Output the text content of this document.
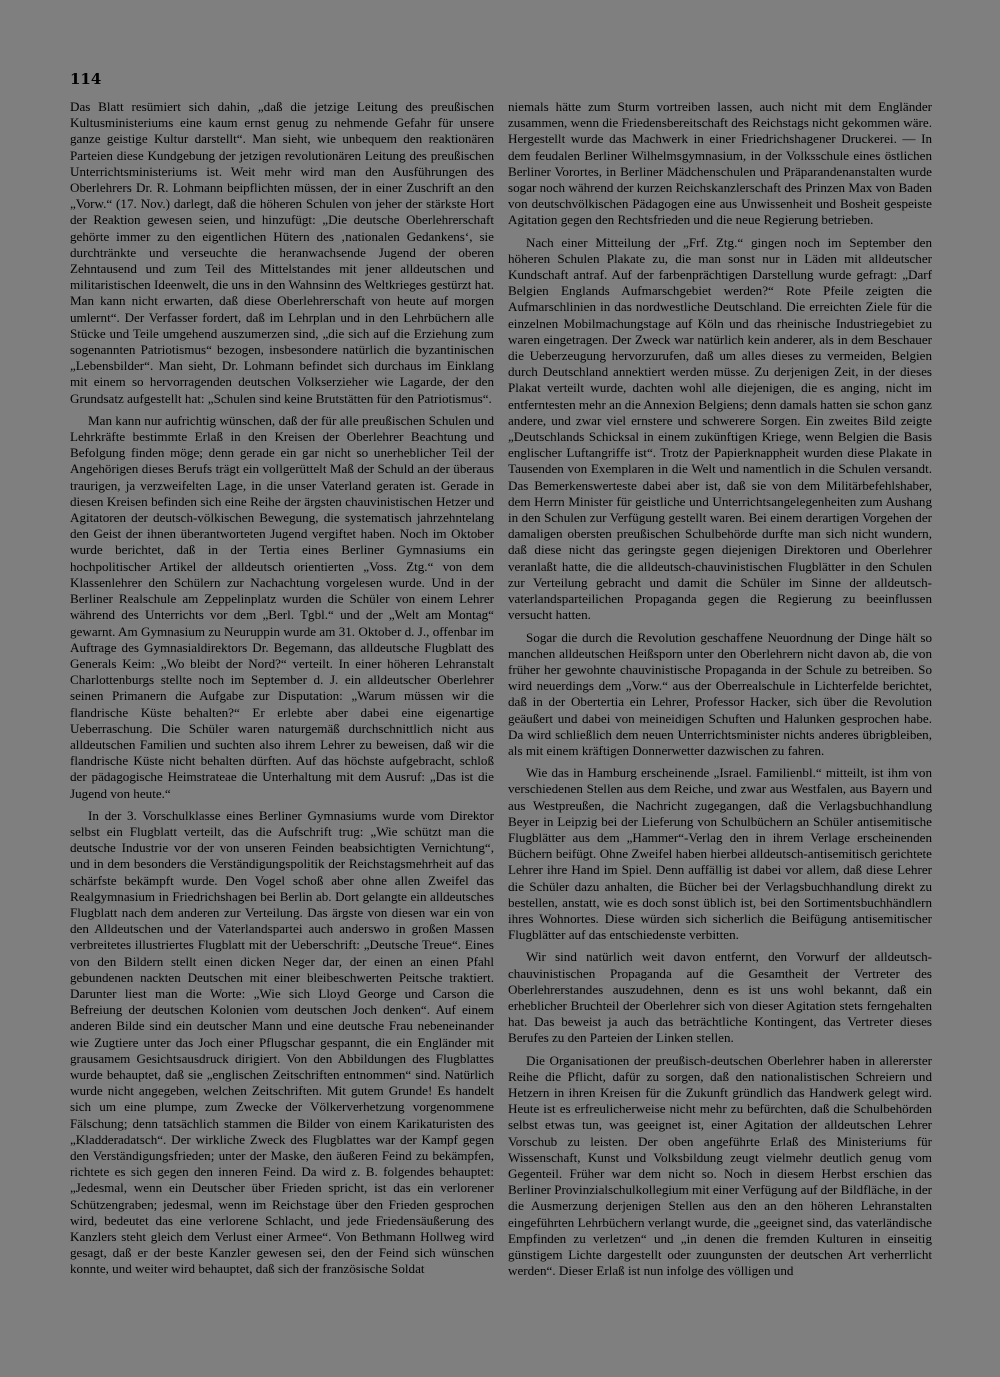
114

Das Blatt resümiert sich dahin, „daß die jetzige Leitung des preußischen Kultusministeriums eine kaum ernst genug zu nehmende Gefahr für unsere ganze geistige Kultur darstellt“. Man sieht, wie unbequem den reaktionären Parteien diese Kundgebung der jetzigen revolutionären Leitung des preußischen Unterrichtsministeriums ist. Weit mehr wird man den Ausführungen des Oberlehrers Dr. R. Lohmann beipflichten müssen, der in einer Zuschrift an den „Vorw.“ (17. Nov.) darlegt, daß die höheren Schulen von jeher der stärkste Hort der Reaktion gewesen seien, und hinzufügt: „Die deutsche Oberlehrerschaft gehörte immer zu den eigentlichen Hütern des ‚nationalen Gedankens‘, sie durchtränkte und verseuchte die heranwachsende Jugend der oberen Zehntausend und zum Teil des Mittelstandes mit jener alldeutschen und militaristischen Ideenwelt, die uns in den Wahnsinn des Weltkrieges gestürzt hat. Man kann nicht erwarten, daß diese Oberlehrerschaft von heute auf morgen umlernt“. Der Verfasser fordert, daß im Lehrplan und in den Lehrbüchern alle Stücke und Teile umgehend auszumerzen sind, „die sich auf die Erziehung zum sogenannten Patriotismus“ bezogen, insbesondere natürlich die byzantinischen „Lebensbilder“. Man sieht, Dr. Lohmann befindet sich durchaus im Einklang mit einem so hervorragenden deutschen Volkserzieher wie Lagarde, der den Grundsatz aufgestellt hat: „Schulen sind keine Brutstätten für den Patriotismus“.

Man kann nur aufrichtig wünschen, daß der für alle preußischen Schulen und Lehrkräfte bestimmte Erlaß in den Kreisen der Oberlehrer Beachtung und Befolgung finden möge; denn gerade ein gar nicht so unerheblicher Teil der Angehörigen dieses Berufs trägt ein vollgerüttelt Maß der Schuld an der überaus traurigen, ja verzweifelten Lage, in die unser Vaterland geraten ist. Gerade in diesen Kreisen befinden sich eine Reihe der ärgsten chauvinistischen Hetzer und Agitatoren der deutsch-völkischen Bewegung, die systematisch jahrzehntelang den Geist der ihnen überantworteten Jugend vergiftet haben. Noch im Oktober wurde berichtet, daß in der Tertia eines Berliner Gymnasiums ein hochpolitischer Artikel der alldeutsch orientierten „Voss. Ztg.“ von dem Klassenlehrer den Schülern zur Nachachtung vorgelesen wurde. Und in der Berliner Realschule am Zeppelinplatz wurden die Schüler von einem Lehrer während des Unterrichts vor dem „Berl. Tgbl.“ und der „Welt am Montag“ gewarnt. Am Gymnasium zu Neuruppin wurde am 31. Oktober d. J., offenbar im Auftrage des Gymnasialdirektors Dr. Begemann, das alldeutsche Flugblatt des Generals Keim: „Wo bleibt der Nord?“ verteilt. In einer höheren Lehranstalt Charlottenburgs stellte noch im September d. J. ein alldeutscher Oberlehrer seinen Primanern die Aufgabe zur Disputation: „Warum müssen wir die flandrische Küste behalten?“ Er erlebte aber dabei eine eigenartige Ueberraschung. Die Schüler waren naturgemäß durchschnittlich nicht aus alldeutschen Familien und suchten also ihrem Lehrer zu beweisen, daß wir die flandrische Küste nicht behalten dürften. Auf das höchste aufgebracht, schloß der pädagogische Heimstrateae die Unterhaltung mit dem Ausruf: „Das ist die Jugend von heute.“

In der 3. Vorschulklasse eines Berliner Gymnasiums wurde vom Direktor selbst ein Flugblatt verteilt, das die Aufschrift trug: „Wie schützt man die deutsche Industrie vor der von unseren Feinden beabsichtigten Vernichtung“, und in dem besonders die Verständigungspolitik der Reichstagsmehrheit auf das schärfste bekämpft wurde. Den Vogel schoß aber ohne allen Zweifel das Realgymnasium in Friedrichshagen bei Berlin ab. Dort gelangte ein alldeutsches Flugblatt nach dem anderen zur Verteilung. Das ärgste von diesen war ein von den Alldeutschen und der Vaterlandspartei auch anderswo in großen Massen verbreitetes illustriertes Flugblatt mit der Ueberschrift: „Deutsche Treue“. Eines von den Bildern stellt einen dicken Neger dar, der einen an einen Pfahl gebundenen nackten Deutschen mit einer bleibeschwerten Peitsche traktiert. Darunter liest man die Worte: „Wie sich Lloyd George und Carson die Befreiung der deutschen Kolonien vom deutschen Joch denken“. Auf einem anderen Bilde sind ein deutscher Mann und eine deutsche Frau nebeneinander wie Zugtiere unter das Joch einer Pflugschar gespannt, die ein Engländer mit grausamem Gesichtsausdruck dirigiert. Von den Abbildungen des Flugblattes wurde behauptet, daß sie „englischen Zeitschriften entnommen“ sind. Natürlich wurde nicht angegeben, welchen Zeitschriften. Mit gutem Grunde! Es handelt sich um eine plumpe, zum Zwecke der Völkerverhetzung vorgenommene Fälschung; denn tatsächlich stammen die Bilder von einem Karikaturisten des „Kladderadatsch“. Der wirkliche Zweck des Flugblattes war der Kampf gegen den Verständigungsfrieden; unter der Maske, den äußeren Feind zu bekämpfen, richtete es sich gegen den inneren Feind. Da wird z. B. folgendes behauptet: „Jedesmal, wenn ein Deutscher über Frieden spricht, ist das ein verlorener Schützengraben; jedesmal, wenn im Reichstage über den Frieden gesprochen wird, bedeutet das eine verlorene Schlacht, und jede Friedensäußerung des Kanzlers steht gleich dem Verlust einer Armee“. Von Bethmann Hollweg wird gesagt, daß er der beste Kanzler gewesen sei, den der Feind sich wünschen konnte, und weiter wird behauptet, daß sich der französische Soldat

niemals hätte zum Sturm vortreiben lassen, auch nicht mit dem Engländer zusammen, wenn die Friedensbereitschaft des Reichstags nicht gekommen wäre. Hergestellt wurde das Machwerk in einer Friedrichshagener Druckerei. — In dem feudalen Berliner Wilhelmsgymnasium, in der Volksschule eines östlichen Berliner Vorortes, in Berliner Mädchenschulen und Präparandenanstalten wurde sogar noch während der kurzen Reichskanzlerschaft des Prinzen Max von Baden von deutschvölkischen Pädagogen eine aus Unwissenheit und Bosheit gespeiste Agitation gegen den Rechtsfrieden und die neue Regierung betrieben.

Nach einer Mitteilung der „Frf. Ztg.“ gingen noch im September den höheren Schulen Plakate zu, die man sonst nur in Läden mit alldeutscher Kundschaft antraf. Auf der farbenprächtigen Darstellung wurde gefragt: „Darf Belgien Englands Aufmarschgebiet werden?“ Rote Pfeile zeigten die Aufmarschlinien in das nordwestliche Deutschland. Die erreichten Ziele für die einzelnen Mobilmachungstage auf Köln und das rheinische Industriegebiet zu waren eingetragen. Der Zweck war natürlich kein anderer, als in dem Beschauer die Ueberzeugung hervorzurufen, daß um alles dieses zu vermeiden, Belgien durch Deutschland annektiert werden müsse. Zu derjenigen Zeit, in der dieses Plakat verteilt wurde, dachten wohl alle diejenigen, die es anging, nicht im entferntesten mehr an die Annexion Belgiens; denn damals hatten sie schon ganz andere, und zwar viel ernstere und schwerere Sorgen. Ein zweites Bild zeigte „Deutschlands Schicksal in einem zukünftigen Kriege, wenn Belgien die Basis englischer Luftangriffe ist“. Trotz der Papierknappheit wurden diese Plakate in Tausenden von Exemplaren in die Welt und namentlich in die Schulen versandt. Das Bemerkenswerteste dabei aber ist, daß sie von dem Militärbefehlshaber, dem Herrn Minister für geistliche und Unterrichtsangelegenheiten zum Aushang in den Schulen zur Verfügung gestellt waren. Bei einem derartigen Vorgehen der damaligen obersten preußischen Schulbehörde durfte man sich nicht wundern, daß diese nicht das geringste gegen diejenigen Direktoren und Oberlehrer veranlaßt hatte, die die alldeutsch-chauvinistischen Flugblätter in den Schulen zur Verteilung gebracht und damit die Schüler im Sinne der alldeutsch-vaterlandsparteilichen Propaganda gegen die Regierung zu beeinflussen versucht hatten.

Sogar die durch die Revolution geschaffene Neuordnung der Dinge hält so manchen alldeutschen Heißsporn unter den Oberlehrern nicht davon ab, die von früher her gewohnte chauvinistische Propaganda in der Schule zu betreiben. So wird neuerdings dem „Vorw.“ aus der Oberrealschule in Lichterfelde berichtet, daß in der Obertertia ein Lehrer, Professor Hacker, sich über die Revolution geäußert und dabei von meineidigen Schuften und Halunken gesprochen habe. Da wird schließlich dem neuen Unterrichtsminister nichts anderes übrigbleiben, als mit einem kräftigen Donnerwetter dazwischen zu fahren.

Wie das in Hamburg erscheinende „Israel. Familienbl.“ mitteilt, ist ihm von verschiedenen Stellen aus dem Reiche, und zwar aus Westfalen, aus Bayern und aus Westpreußen, die Nachricht zugegangen, daß die Verlagsbuchhandlung Beyer in Leipzig bei der Lieferung von Schulbüchern an Schüler antisemitische Flugblätter aus dem „Hammer“-Verlag den in ihrem Verlage erscheinenden Büchern beifügt. Ohne Zweifel haben hierbei alldeutsch-antisemitisch gerichtete Lehrer ihre Hand im Spiel. Denn auffällig ist dabei vor allem, daß diese Lehrer die Schüler dazu anhalten, die Bücher bei der Verlagsbuchhandlung direkt zu bestellen, anstatt, wie es doch sonst üblich ist, bei den Sortimentsbuchhändlern ihres Wohnortes. Diese würden sich sicherlich die Beifügung antisemitischer Flugblätter auf das entschiedenste verbitten.

Wir sind natürlich weit davon entfernt, den Vorwurf der alldeutsch-chauvinistischen Propaganda auf die Gesamtheit der Vertreter des Oberlehrerstandes auszudehnen, denn es ist uns wohl bekannt, daß ein erheblicher Bruchteil der Oberlehrer sich von dieser Agitation stets ferngehalten hat. Das beweist ja auch das beträchtliche Kontingent, das Vertreter dieses Berufes zu den Parteien der Linken stellen.

Die Organisationen der preußisch-deutschen Oberlehrer haben in allererster Reihe die Pflicht, dafür zu sorgen, daß den nationalistischen Schreiern und Hetzern in ihren Kreisen für die Zukunft gründlich das Handwerk gelegt wird. Heute ist es erfreulicherweise nicht mehr zu befürchten, daß die Schulbehörden selbst etwas tun, was geeignet ist, einer Agitation der alldeutschen Lehrer Vorschub zu leisten. Der oben angeführte Erlaß des Ministeriums für Wissenschaft, Kunst und Volksbildung zeugt vielmehr deutlich genug vom Gegenteil. Früher war dem nicht so. Noch in diesem Herbst erschien das Berliner Provinzialschulkollegium mit einer Verfügung auf der Bildfläche, in der die Ausmerzung derjenigen Stellen aus den an den höheren Lehranstalten eingeführten Lehrbüchern verlangt wurde, die „geeignet sind, das vaterländische Empfinden zu verletzen“ und „in denen die fremden Kulturen in einseitig günstigem Lichte dargestellt oder zuungunsten der deutschen Art verherrlicht werden“. Dieser Erlaß ist nun infolge des völligen und
